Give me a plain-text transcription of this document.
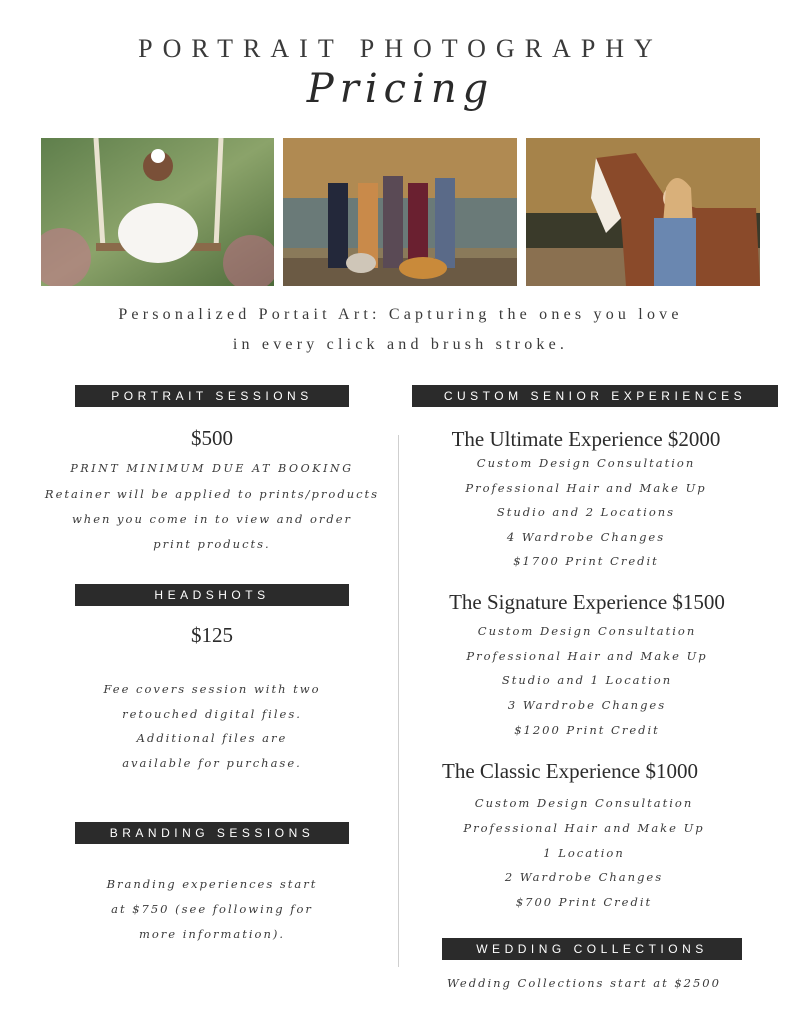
PORTRAIT PHOTOGRAPHY
Pricing
Personalized Portait Art: Capturing the ones you love
in every click and brush stroke.
PORTRAIT SESSIONS
$500
PRINT MINIMUM DUE AT BOOKING
Retainer will be applied to prints/products
when you come in to view and order
print products.
HEADSHOTS
$125
Fee covers session with two
retouched digital files.
Additional files are
available for purchase.
BRANDING SESSIONS
Branding experiences start
at $750 (see following for
more information).
CUSTOM SENIOR EXPERIENCES
The Ultimate Experience $2000
Custom Design Consultation
Professional Hair and Make Up
Studio and 2 Locations
4 Wardrobe Changes
$1700 Print Credit
The Signature Experience $1500
Custom Design Consultation
Professional Hair and Make Up
Studio and 1 Location
3 Wardrobe Changes
$1200 Print Credit
The Classic Experience $1000
Custom Design Consultation
Professional Hair and Make Up
1 Location
2 Wardrobe Changes
$700 Print Credit
WEDDING COLLECTIONS
Wedding Collections start at $2500
